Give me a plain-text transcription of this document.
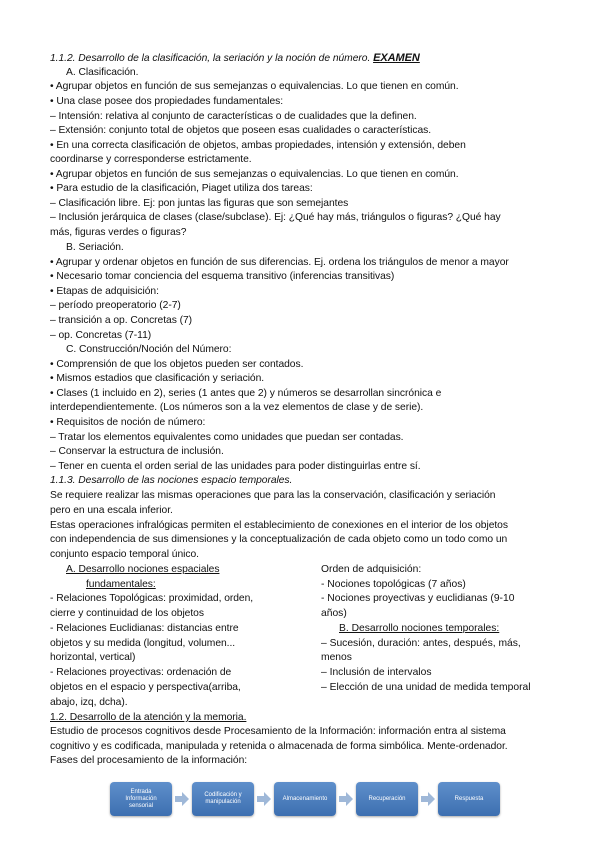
1.1.2. Desarrollo de la clasificación, la seriación y la noción de número. EXAMEN
A. Clasificación.
• Agrupar objetos en función de sus semejanzas o equivalencias. Lo que tienen en común.
• Una clase posee dos propiedades fundamentales:
– Intensión: relativa al conjunto de características o de cualidades que la definen.
– Extensión: conjunto total de objetos que poseen esas cualidades o características.
• En una correcta clasificación de objetos, ambas propiedades, intensión y extensión, deben
coordinarse y corresponderse estrictamente.
• Agrupar objetos en función de sus semejanzas o equivalencias. Lo que tienen en común.
• Para estudio de la clasificación, Piaget utiliza dos tareas:
– Clasificación libre. Ej: pon juntas las figuras que son semejantes
– Inclusión jerárquica de clases (clase/subclase). Ej: ¿Qué hay más, triángulos o figuras? ¿Qué hay
más, figuras verdes o figuras?
B. Seriación.
• Agrupar y ordenar objetos en función de sus diferencias. Ej. ordena los triángulos de menor a mayor
• Necesario tomar conciencia del esquema transitivo (inferencias transitivas)
• Etapas de adquisición:
– período preoperatorio (2-7)
– transición a op. Concretas (7)
– op. Concretas (7-11)
C. Construcción/Noción del Número:
• Comprensión de que los objetos pueden ser contados.
• Mismos estadios que clasificación y seriación.
• Clases (1 incluido en 2), series (1 antes que 2) y números se desarrollan sincrónica e
interdependientemente. (Los números son a la vez elementos de clase y de serie).
• Requisitos de noción de número:
– Tratar los elementos equivalentes como unidades que puedan ser contadas.
– Conservar la estructura de inclusión.
– Tener en cuenta el orden serial de las unidades para poder distinguirlas entre sí.
1.1.3. Desarrollo de las nociones espacio temporales.
Se requiere realizar las mismas operaciones que para las la conservación, clasificación y seriación
pero en una escala inferior.
Estas operaciones infralógicas permiten el establecimiento de conexiones en el interior de los objetos
con independencia de sus dimensiones y la conceptualización de cada objeto como un todo como un
conjunto espacio temporal único.
A. Desarrollo nociones espaciales
fundamentales:
- Relaciones Topológicas: proximidad, orden,
cierre y continuidad de los objetos
- Relaciones Euclidianas: distancias entre
objetos y su medida (longitud, volumen...
horizontal, vertical)
- Relaciones proyectivas: ordenación de
objetos en el espacio y perspectiva(arriba,
abajo, izq, dcha).
Orden de adquisición:
- Nociones topológicas (7 años)
- Nociones proyectivas y euclidianas (9-10
años)
B. Desarrollo nociones temporales:
– Sucesión, duración: antes, después, más,
menos
– Inclusión de intervalos
– Elección de una unidad de medida temporal
1.2. Desarrollo de la atención y la memoria.
Estudio de procesos cognitivos desde Procesamiento de la Información: información entra al sistema
cognitivo y es codificada, manipulada y retenida o almacenada de forma simbólica. Mente-ordenador.
Fases del procesamiento de la información:
Entrada
Información
sensorial
Codificación y
manipulación
Almacenamiento	Recuperación	Respuesta
